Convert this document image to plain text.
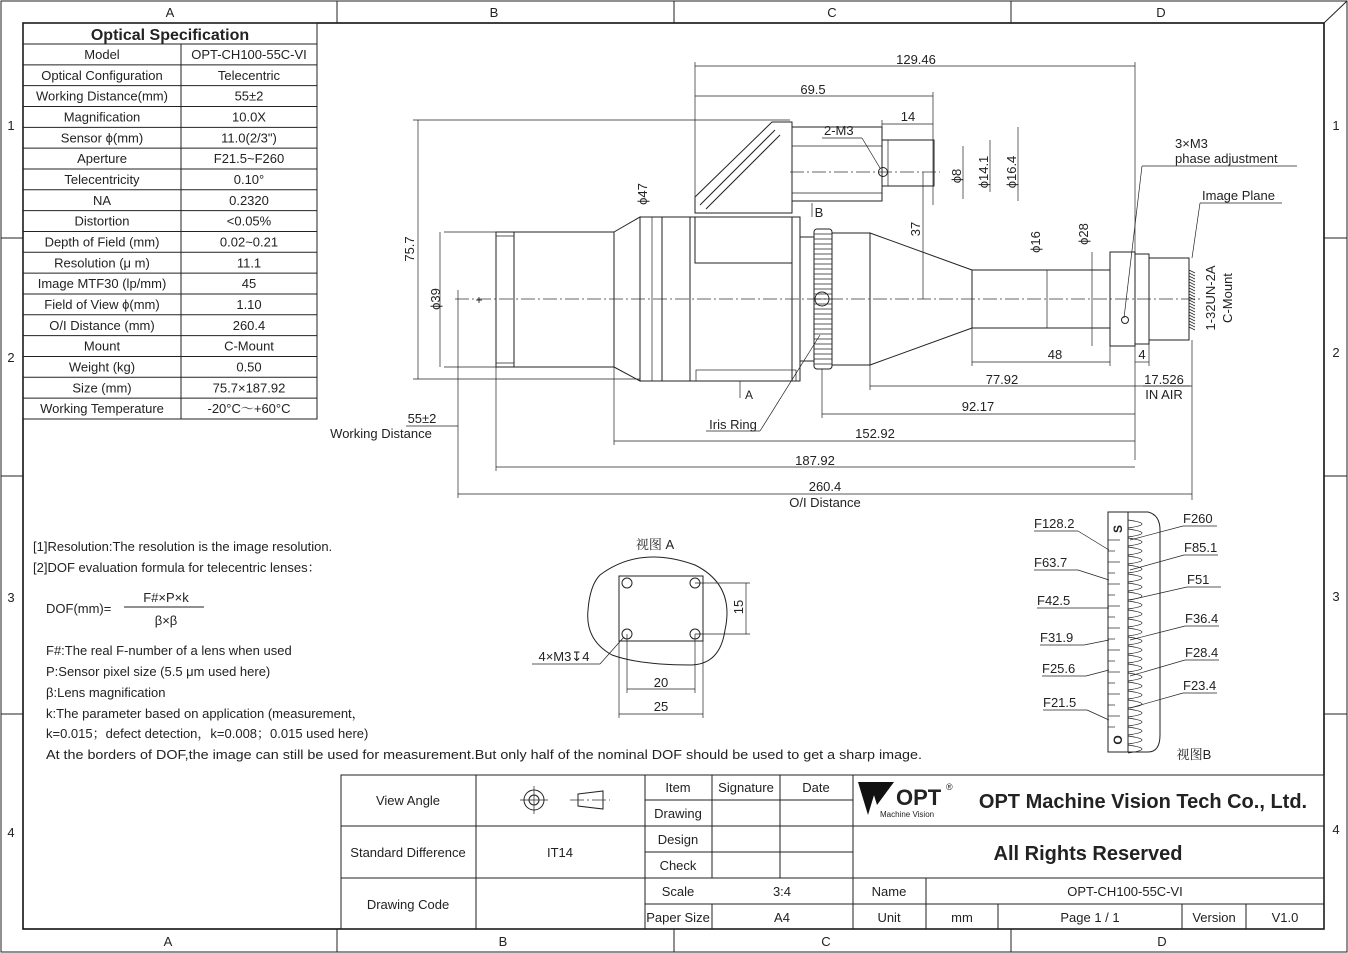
A	B	C	D
A	B	C	D
1
2
3
4
1
2
3
4
Optical Specification
Model	OPT-CH100-55C-VI
Optical Configuration	Telecentric
Working Distance(mm)	55±2
Magnification	10.0X
Sensor ϕ(mm)	11.0(2/3")
Aperture	F21.5~F260
Telecentricity	0.10°
NA	0.2320
Distortion	<0.05%
Depth of Field (mm)	0.02~0.21
Resolution (μ m)	11.1
Image MTF30 (lp/mm)	45
Field of View ϕ(mm)	1.10
O/I Distance (mm)	260.4
Mount	C-Mount
Weight (kg)	0.50
Size (mm)	75.7×187.92
Working Temperature	-20°C～+60°C
+
129.46
69.5
14
2-M3
ϕ8 ϕ14.1 ϕ16.4
75.7
ϕ47
ϕ39
37
ϕ16	ϕ28
48	4
77.92	17.526
IN AIR
92.17
152.92
187.92
260.4
O/I Distance
55±2
Working Distance
Iris Ring
A
B
3×M3
phase adjustment
Image Plane
1-32UN-2A C-Mount
[1]Resolution:The resolution is the image resolution.
[2]DOF evaluation formula for telecentric lenses：
DOF(mm)=
F#×P×k
β×β
F#:The real F-number of a lens when used
P:Sensor pixel size (5.5 μm used here)
β:Lens magnification
k:The parameter based on application (measurement，
k=0.015；defect detection，k=0.008；0.015 used here)
At the borders of DOF,the image can still be used for measurement.But only half of the nominal DOF should be used to get a sharp image.
视图 A
15
20
25
4×M3↧4
视图B
S
O
F128.2
F63.7
F42.5
F31.9
F25.6
F21.5
F260
F85.1
F51
F36.4
F28.4
F23.4
View Angle
Standard Difference	IT14
Drawing Code
Item Signature Date
Drawing
Design
Check
Scale	3:4
Paper Size	A4
OPT ®
Machine Vision
OPT Machine Vision Tech Co., Ltd.
All Rights Reserved
Name	OPT-CH100-55C-VI
Unit	mm	Page 1 / 1	Version	V1.0
